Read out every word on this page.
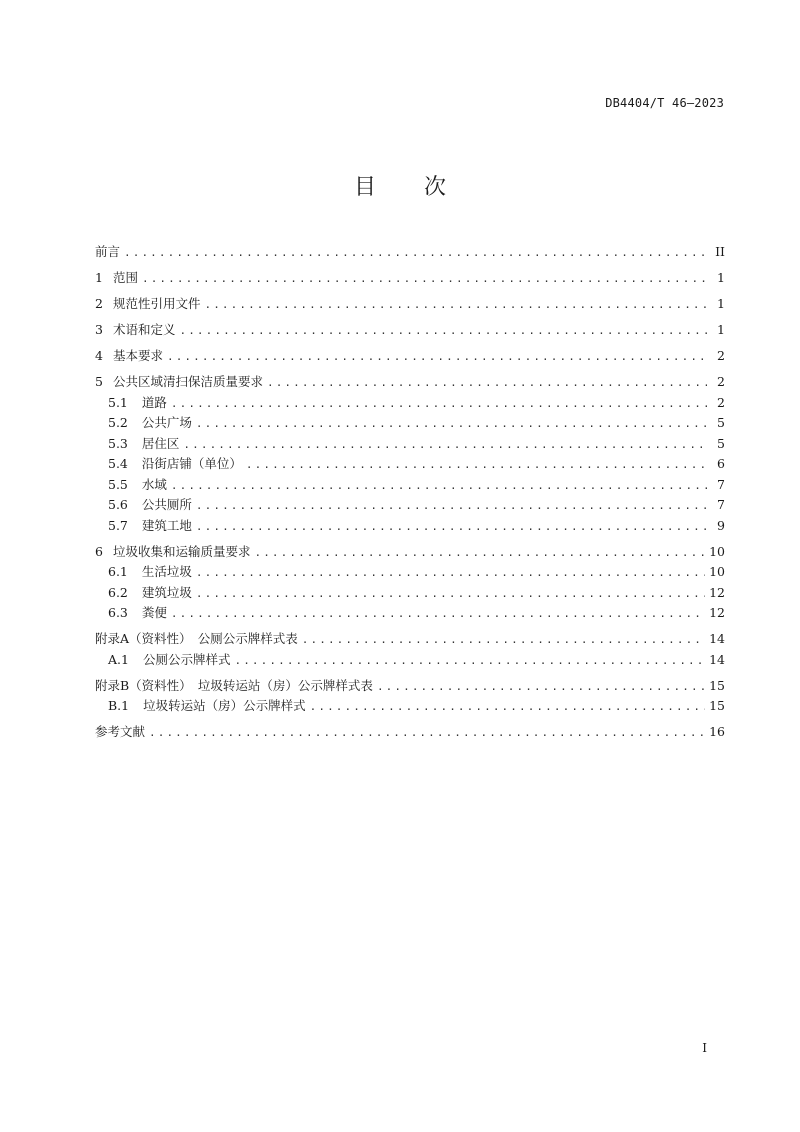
DB4404/T 46—2023
目 次
前言 .....	II
1 范围 .....	1
2 规范性引用文件 .....	1
3 术语和定义 .....	1
4 基本要求 .....	2
5 公共区域清扫保洁质量要求 .....	2
5.1 道路 .....	2
5.2 公共广场 .....	5
5.3 居住区 .....	5
5.4 沿街店铺（单位） .....	6
5.5 水域 .....	7
5.6 公共厕所 .....	7
5.7 建筑工地 .....	9
6 垃圾收集和运输质量要求 .....	10
6.1 生活垃圾 .....	10
6.2 建筑垃圾 .....	12
6.3 粪便 .....	12
附录A（资料性）　公厕公示牌样式表 .....	14
A.1 公厕公示牌样式 .....	14
附录B（资料性）　垃圾转运站（房）公示牌样式表 .....	15
B.1 垃圾转运站（房）公示牌样式 .....	15
参考文献 .....	16
I
